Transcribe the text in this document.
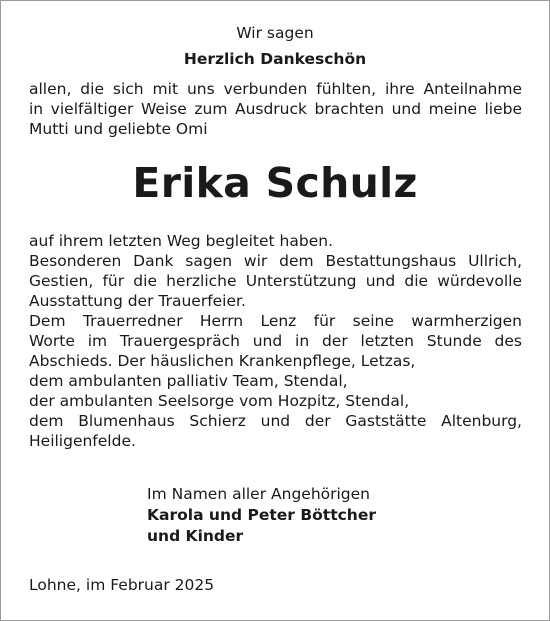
Wir sagen
Herzlich Dankeschön
allen, die sich mit uns verbunden fühlten, ihre Anteilnahme
in vielfältiger Weise zum Ausdruck brachten und meine liebe
Mutti und geliebte Omi
Erika Schulz
auf ihrem letzten Weg begleitet haben.
Besonderen Dank sagen wir dem Bestattungshaus Ullrich,
Gestien, für die herzliche Unterstützung und die würdevolle
Ausstattung der Trauerfeier.
Dem Trauerredner Herrn Lenz für seine warmherzigen
Worte im Trauergespräch und in der letzten Stunde des
Abschieds. Der häuslichen Krankenpflege, Letzas,
dem ambulanten palliativ Team, Stendal,
der ambulanten Seelsorge vom Hozpitz, Stendal,
dem Blumenhaus Schierz und der Gaststätte Altenburg,
Heiligenfelde.
Im Namen aller Angehörigen
Karola und Peter Böttcher
und Kinder
Lohne, im Februar 2025
